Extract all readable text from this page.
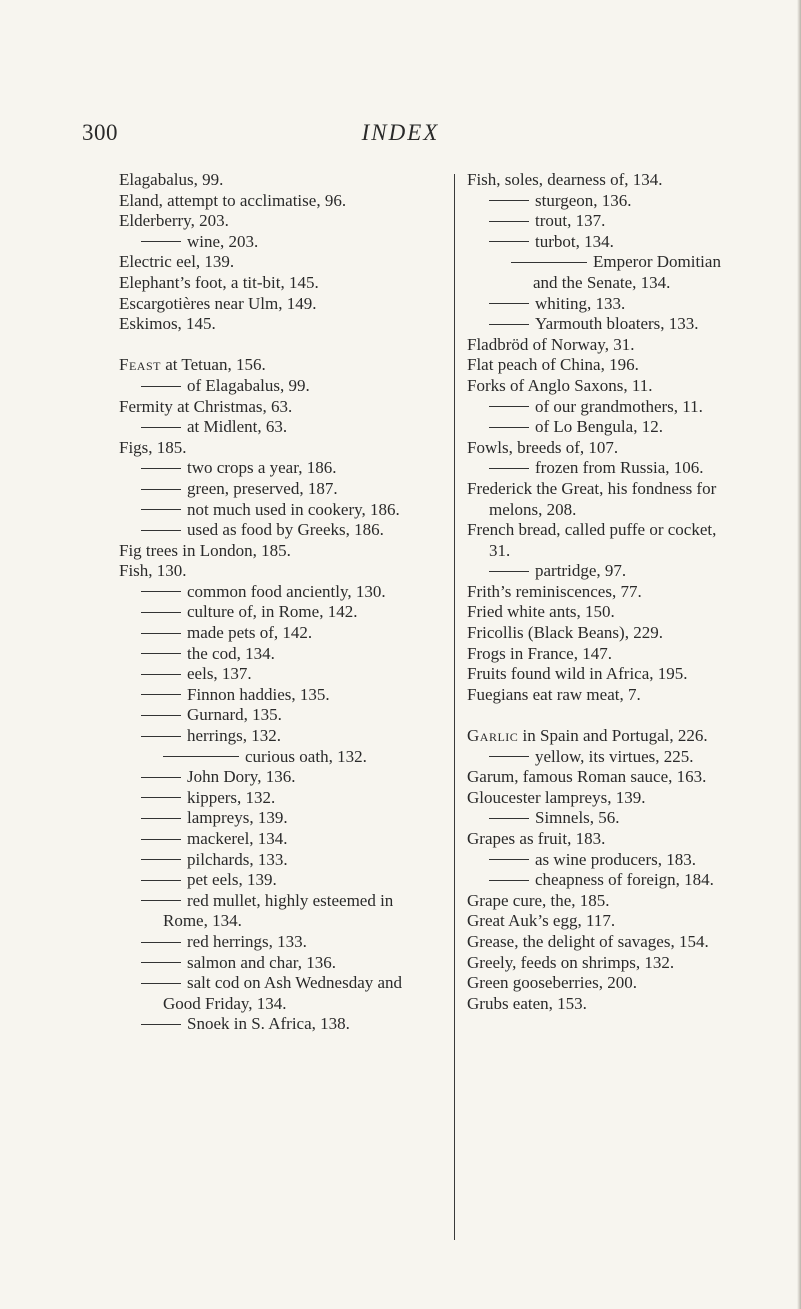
300	INDEX
Elagabalus, 99.
Eland, attempt to acclimatise, 96.
Elderberry, 203.
wine, 203.
Electric eel, 139.
Elephant’s foot, a tit-bit, 145.
Escargotières near Ulm, 149.
Eskimos, 145.
Feast at Tetuan, 156.
of Elagabalus, 99.
Fermity at Christmas, 63.
at Midlent, 63.
Figs, 185.
two crops a year, 186.
green, preserved, 187.
not much used in cookery, 186.
used as food by Greeks, 186.
Fig trees in London, 185.
Fish, 130.
common food anciently, 130.
culture of, in Rome, 142.
made pets of, 142.
the cod, 134.
eels, 137.
Finnon haddies, 135.
Gurnard, 135.
herrings, 132.
curious oath, 132.
John Dory, 136.
kippers, 132.
lampreys, 139.
mackerel, 134.
pilchards, 133.
pet eels, 139.
red mullet, highly esteemed in Rome, 134.
red herrings, 133.
salmon and char, 136.
salt cod on Ash Wednesday and Good Friday, 134.
Snoek in S. Africa, 138.
Fish, soles, dearness of, 134.
sturgeon, 136.
trout, 137.
turbot, 134.
Emperor Domitian and the Senate, 134.
whiting, 133.
Yarmouth bloaters, 133.
Fladbröd of Norway, 31.
Flat peach of China, 196.
Forks of Anglo Saxons, 11.
of our grandmothers, 11.
of Lo Bengula, 12.
Fowls, breeds of, 107.
frozen from Russia, 106.
Frederick the Great, his fondness for melons, 208.
French bread, called puffe or cocket, 31.
partridge, 97.
Frith’s reminiscences, 77.
Fried white ants, 150.
Fricollis (Black Beans), 229.
Frogs in France, 147.
Fruits found wild in Africa, 195.
Fuegians eat raw meat, 7.
Garlic in Spain and Portugal, 226.
yellow, its virtues, 225.
Garum, famous Roman sauce, 163.
Gloucester lampreys, 139.
Simnels, 56.
Grapes as fruit, 183.
as wine producers, 183.
cheapness of foreign, 184.
Grape cure, the, 185.
Great Auk’s egg, 117.
Grease, the delight of savages, 154.
Greely, feeds on shrimps, 132.
Green gooseberries, 200.
Grubs eaten, 153.
